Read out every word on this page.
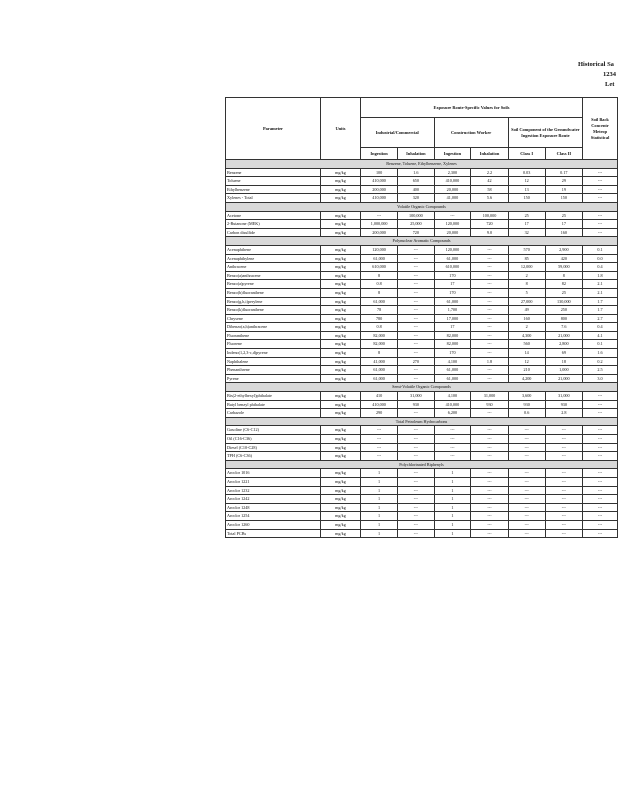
Historical Sa
1234
Let
Parameter	Units	Exposure Route-Specific Values for Soils						Soil Back Concentr Metrop Statistical
		Industrial/Commercial		Construction Worker		Soil Component of the Groundwater Ingestion Exposure Route		
		Ingestion	Inhalation	Ingestion	Inhalation	Class I	Class II	
Benzene, Toluene, Ethylbenzene, Xylenes								
Benzene	mg/kg	100	1.6	2,300	2.2	0.03	0.17	---
Toluene	mg/kg	410,000	650	410,000	42	12	29	---
Ethylbenzene	mg/kg	200,000	400	20,000	58	13	19	---
Xylenes - Total	mg/kg	410,000	320	41,000	5.6	150	150	---
Volatile Organic Compounds								
Acetone	mg/kg	---	100,000	---	100,000	25	25	---
2-Butanone (MEK)	mg/kg	1,000,000	25,000	120,000	720	17	17	---
Carbon disulfide	mg/kg	200,000	720	20,000	9.0	32	160	---
Polynuclear Aromatic Compounds								
Acenaphthene	mg/kg	120,000	---	120,000	---	570	2,900	0.1
Acenaphthylene	mg/kg	61,000	---	61,000	---	85	420	0.0
Anthracene	mg/kg	610,000	---	610,000	---	12,000	59,000	0.4
Benzo(a)anthracene	mg/kg	8	---	170	---	2	8	1.8
Benzo(a)pyrene	mg/kg	0.8	---	17	---	8	82	2.1
Benzo(b)fluoranthene	mg/kg	8	---	170	---	5	25	2.1
Benzo(g,h,i)perylene	mg/kg	61,000	---	61,000	---	27,000	130,000	1.7
Benzo(k)fluoranthene	mg/kg	78	---	1,700	---	49	250	1.7
Chrysene	mg/kg	780	---	17,000	---	160	800	2.7
Dibenzo(a,h)anthracene	mg/kg	0.8	---	17	---	2	7.6	0.4
Fluoranthene	mg/kg	82,000	---	82,000	---	4,300	21,000	4.1
Fluorene	mg/kg	82,000	---	82,000	---	560	2,800	0.1
Indeno(1,2,3-c,d)pyrene	mg/kg	8	---	170	---	14	69	1.6
Naphthalene	mg/kg	41,000	270	4,100	1.8	12	18	0.2
Phenanthrene	mg/kg	61,000	---	61,000	---	210	1,000	2.5
Pyrene	mg/kg	61,000	---	61,000	---	4,200	21,000	3.0
Semi-Volatile Organic Compounds								
Bis(2-ethylhexyl)phthalate	mg/kg	410	31,000	4,100	31,000	3,600	31,000	---
Butyl benzyl phthalate	mg/kg	410,000	930	410,000	930	930	930	---
Carbazole	mg/kg	290	---	6,200	---	0.6	2.8	---
Total Petroleum Hydrocarbons								
Gasoline (C6-C12)	mg/kg	---	---	---	---	---	---	---
Oil (C16-C36)	mg/kg	---	---	---	---	---	---	---
Diesel (C10-C28)	mg/kg	---	---	---	---	---	---	---
TPH (C6-C36)	mg/kg	---	---	---	---	---	---	---
Polychlorinated Biphenyls								
Aroclor 1016	mg/kg	1	---	1	---	---	---	---
Aroclor 1221	mg/kg	1	---	1	---	---	---	---
Aroclor 1232	mg/kg	1	---	1	---	---	---	---
Aroclor 1242	mg/kg	1	---	1	---	---	---	---
Aroclor 1248	mg/kg	1	---	1	---	---	---	---
Aroclor 1254	mg/kg	1	---	1	---	---	---	---
Aroclor 1260	mg/kg	1	---	1	---	---	---	---
Total PCBs	mg/kg	1	---	1	---	---	---	---
